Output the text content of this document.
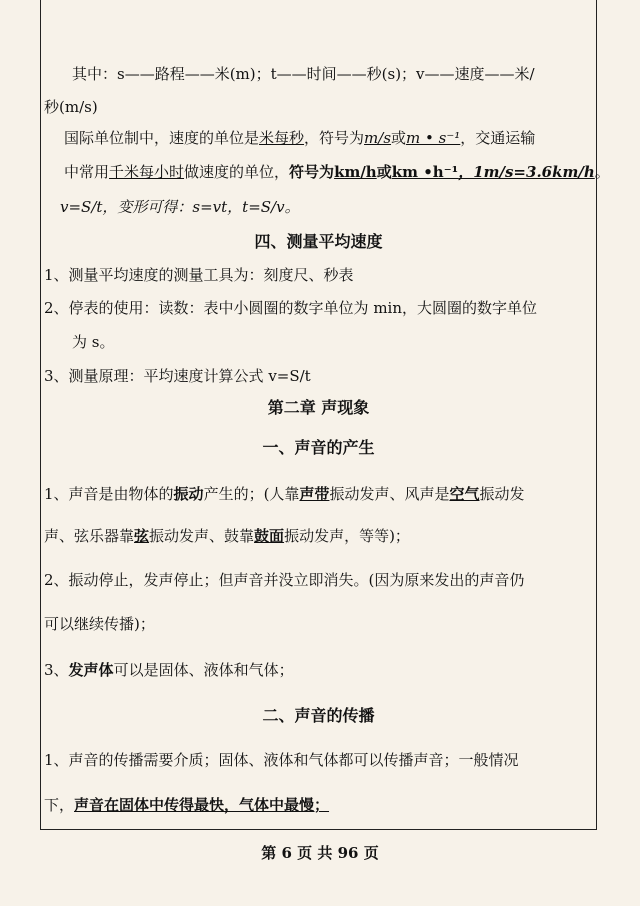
其中：s——路程——米(m)；t——时间——秒(s)；v——速度——米/
秒(m/s)
国际单位制中，速度的单位是米每秒，符号为m/s或m • s⁻¹，交通运输
中常用千米每小时做速度的单位，符号为km/h或km •h⁻¹，1m/s=3.6km/h。
v=S/t，变形可得：s=vt，t=S/v。
四、测量平均速度
1、测量平均速度的测量工具为：刻度尺、秒表
2、停表的使用：读数：表中小圆圈的数字单位为 min，大圆圈的数字单位
为 s。
3、测量原理：平均速度计算公式 v=S/t
第二章 声现象
一、声音的产生
1、声音是由物体的振动产生的；(人靠声带振动发声、风声是空气振动发
声、弦乐器靠弦振动发声、鼓靠鼓面振动发声，等等)；
2、振动停止，发声停止；但声音并没立即消失。(因为原来发出的声音仍
可以继续传播)；
3、发声体可以是固体、液体和气体；
二、声音的传播
1、声音的传播需要介质；固体、液体和气体都可以传播声音；一般情况
下，声音在固体中传得最快，气体中最慢；
第 6 页 共 96 页
